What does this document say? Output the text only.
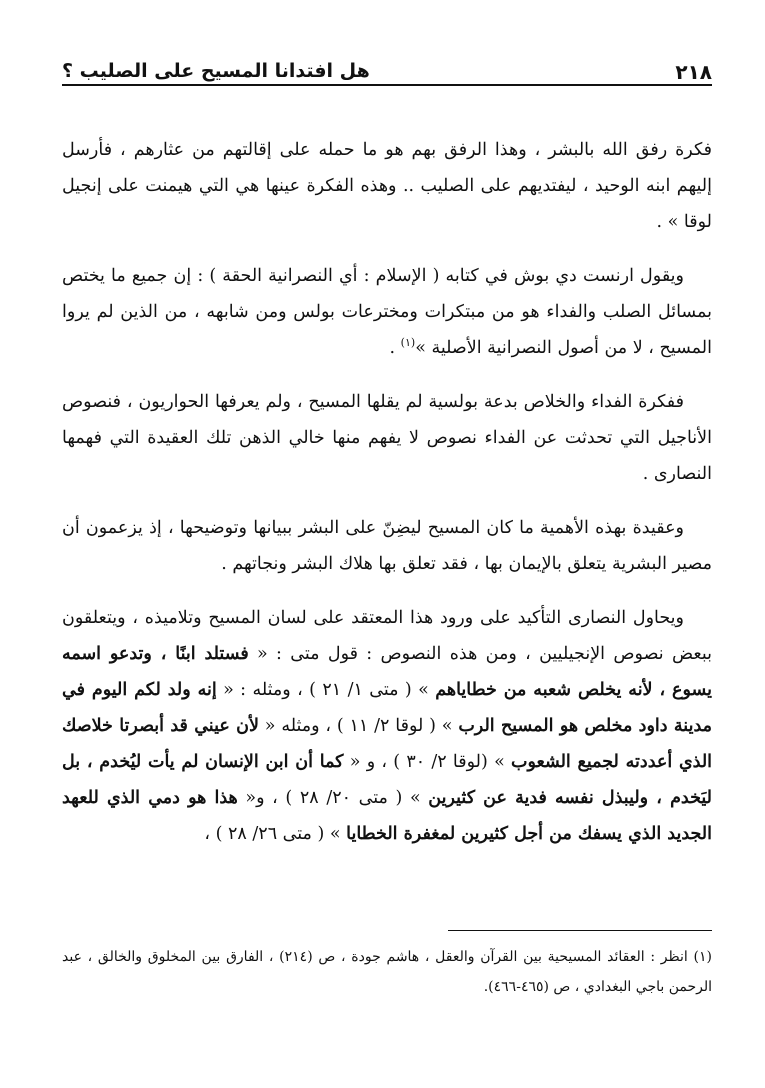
٢١٨
هل افتدانا المسيح على الصليب ؟

فكرة رفق الله بالبشر ، وهذا الرفق بهم هو ما حمله على إقالتهم من عثارهم ، فأرسل إليهم ابنه الوحيد ، ليفتديهم على الصليب .. وهذه الفكرة عينها هي التي هيمنت على إنجيل لوقا » .

ويقول ارنست دي بوش في كتابه ( الإسلام : أي النصرانية الحقة ) : إن جميع ما يختص بمسائل الصلب والفداء هو من مبتكرات ومخترعات بولس ومن شابهه ، من الذين لم يروا المسيح ، لا من أصول النصرانية الأصلية »$^{(١)}$ .

ففكرة الفداء والخلاص بدعة بولسية لم يقلها المسيح ، ولم يعرفها الحواريون ، فنصوص الأناجيل التي تحدثت عن الفداء نصوص لا يفهم منها خالي الذهن تلك العقيدة التي فهمها النصارى .

وعقيدة بهذه الأهمية ما كان المسيح ليضِنّ على البشر ببيانها وتوضيحها ، إذ يزعمون أن مصير البشرية يتعلق بالإيمان بها ، فقد تعلق بها هلاك البشر ونجاتهم .

ويحاول النصارى التأكيد على ورود هذا المعتقد على لسان المسيح وتلاميذه ، ويتعلقون ببعض نصوص الإنجيليين ، ومن هذه النصوص : قول متى : « فستلد ابنًا ، وتدعو اسمه يسوع ، لأنه يخلص شعبه من خطاياهم » ( متى ١/ ٢١ ) ، ومثله : « إنه ولد لكم اليوم في مدينة داود مخلص هو المسيح الرب » ( لوقا ٢/ ١١ ) ، ومثله « لأن عيني قد أبصرتا خلاصك الذي أعددته لجميع الشعوب » (لوقا ٢/ ٣٠ ) ، و « كما أن ابن الإنسان لم يأت ليُخدم ، بل ليَخدم ، وليبذل نفسه فدية عن كثيرين » ( متى ٢٠/ ٢٨ ) ، و« هذا هو دمي الذي للعهد الجديد الذي يسفك من أجل كثيرين لمغفرة الخطايا » ( متى ٢٦/ ٢٨ ) ،

(١) انظر : العقائد المسيحية بين القرآن والعقل ، هاشم جودة ، ص (٢١٤) ، الفارق بين المخلوق والخالق ، عبد الرحمن باجي البغدادي ، ص (٤٦٥-٤٦٦).
